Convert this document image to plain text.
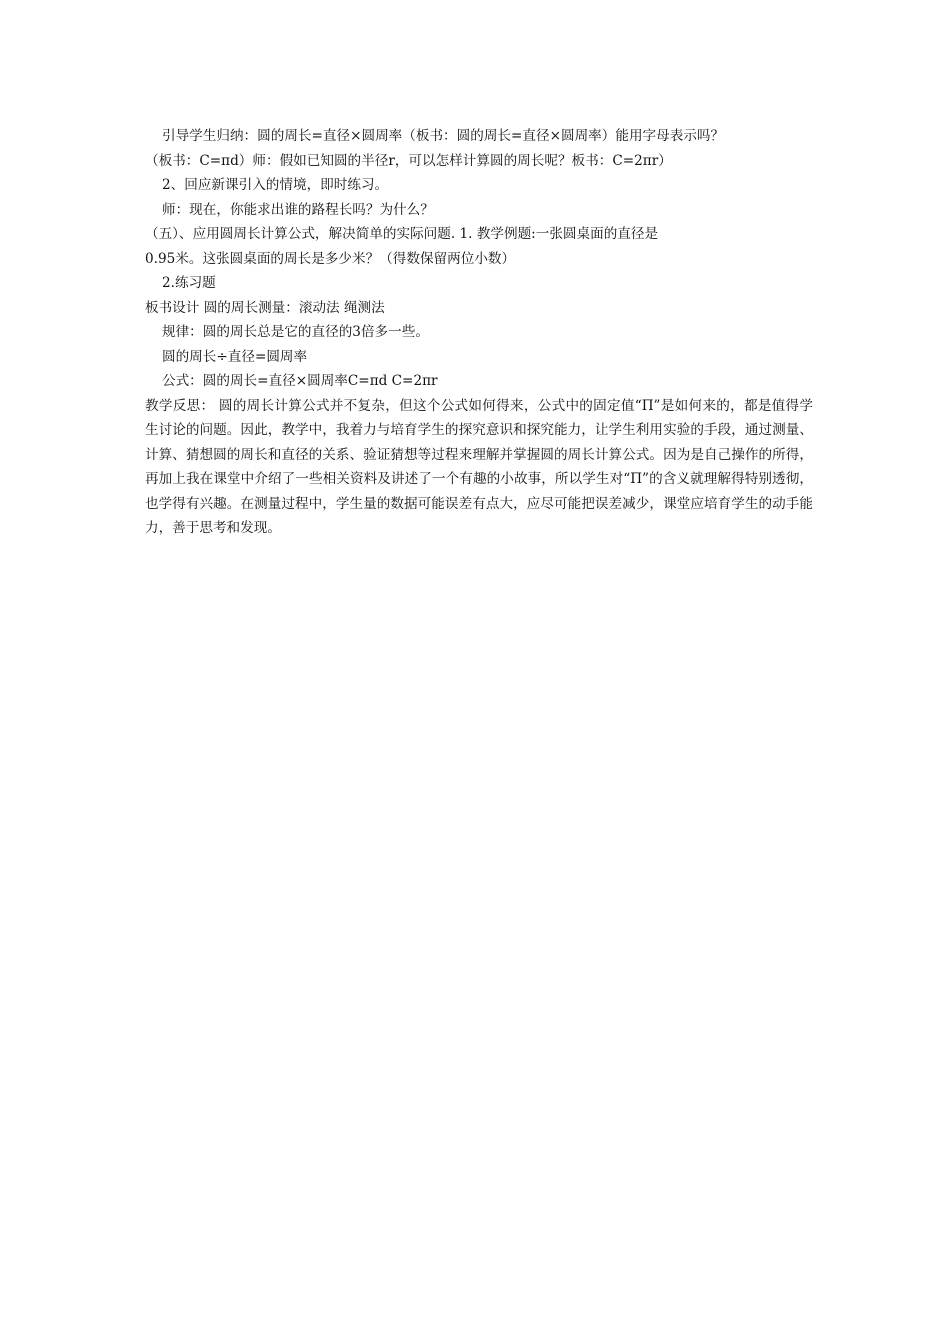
引导学生归纳：圆的周长=直径×圆周率（板书：圆的周长=直径×圆周率）能用字母表示吗？
（板书：C=πd）师：假如已知圆的半径r，可以怎样计算圆的周长呢？板书：C=2πr）
2、回应新课引入的情境，即时练习。
师：现在，你能求出谁的路程长吗？为什么？
（五）、应用圆周长计算公式，解决简单的实际问题. 1. 教学例题:一张圆桌面的直径是
0.95米。这张圆桌面的周长是多少米？（得数保留两位小数）
2.练习题
板书设计 圆的周长测量：滚动法 绳测法
规律：圆的周长总是它的直径的3倍多一些。
圆的周长÷直径=圆周率
公式：圆的周长=直径×圆周率C=πd C=2πr
教学反思： 圆的周长计算公式并不复杂，但这个公式如何得来，公式中的固定值“Π”是如何来的，都是值得学生讨论的问题。因此，教学中，我着力与培育学生的探究意识和探究能力，让学生利用实验的手段，通过测量、计算、猜想圆的周长和直径的关系、验证猜想等过程来理解并掌握圆的周长计算公式。因为是自己操作的所得，再加上我在课堂中介绍了一些相关资料及讲述了一个有趣的小故事，所以学生对“Π”的含义就理解得特别透彻，也学得有兴趣。在测量过程中，学生量的数据可能误差有点大，应尽可能把误差减少，课堂应培育学生的动手能力，善于思考和发现。
